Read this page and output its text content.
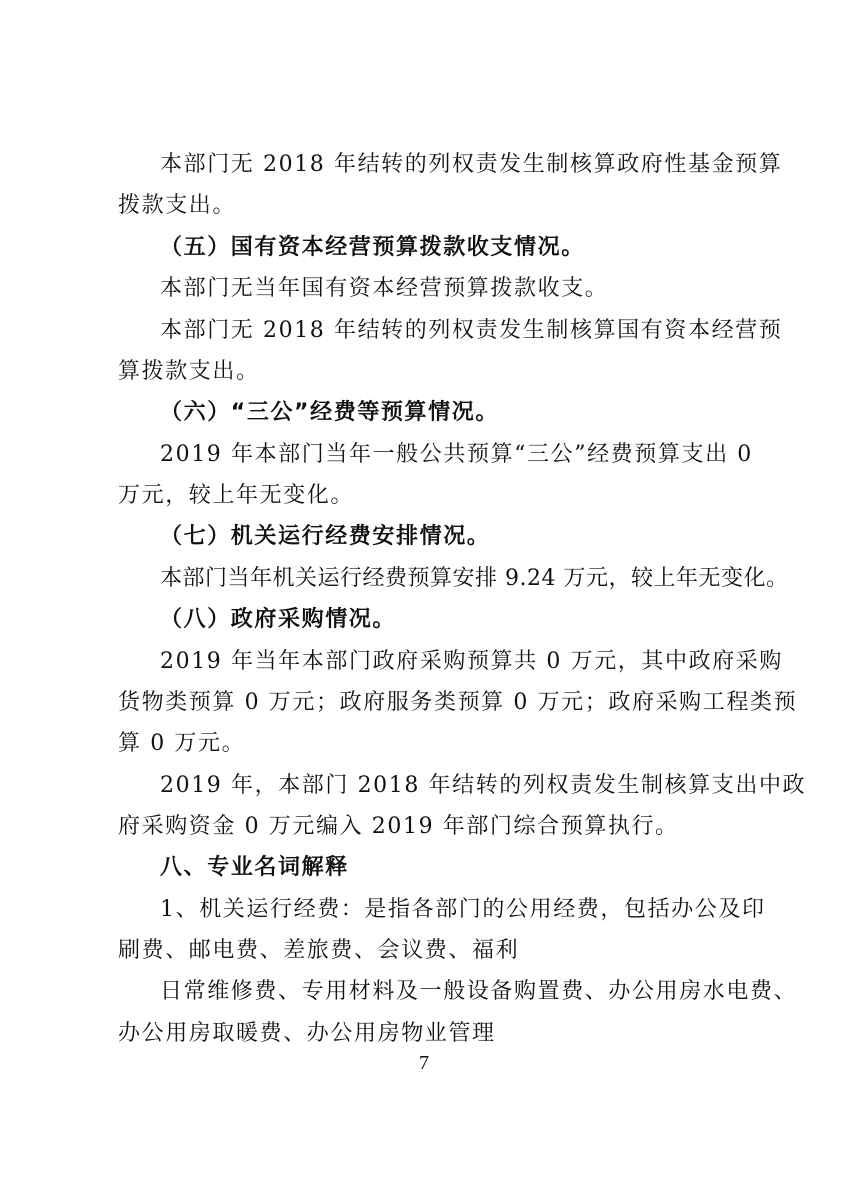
本部门无 2018 年结转的列权责发生制核算政府性基金预算
拨款支出。
（五）国有资本经营预算拨款收支情况。
本部门无当年国有资本经营预算拨款收支。
本部门无 2018 年结转的列权责发生制核算国有资本经营预
算拨款支出。
（六）“三公”经费等预算情况。
2019 年本部门当年一般公共预算“三公”经费预算支出 0
万元，较上年无变化。
（七）机关运行经费安排情况。
本部门当年机关运行经费预算安排 9.24 万元，较上年无变化。
（八）政府采购情况。
2019 年当年本部门政府采购预算共 0 万元，其中政府采购
货物类预算 0 万元；政府服务类预算 0 万元；政府采购工程类预
算 0 万元。
2019 年，本部门 2018 年结转的列权责发生制核算支出中政
府采购资金 0 万元编入 2019 年部门综合预算执行。
八、专业名词解释
1、机关运行经费：是指各部门的公用经费，包括办公及印
刷费、邮电费、差旅费、会议费、福利
日常维修费、专用材料及一般设备购置费、办公用房水电费、
办公用房取暖费、办公用房物业管理
7
